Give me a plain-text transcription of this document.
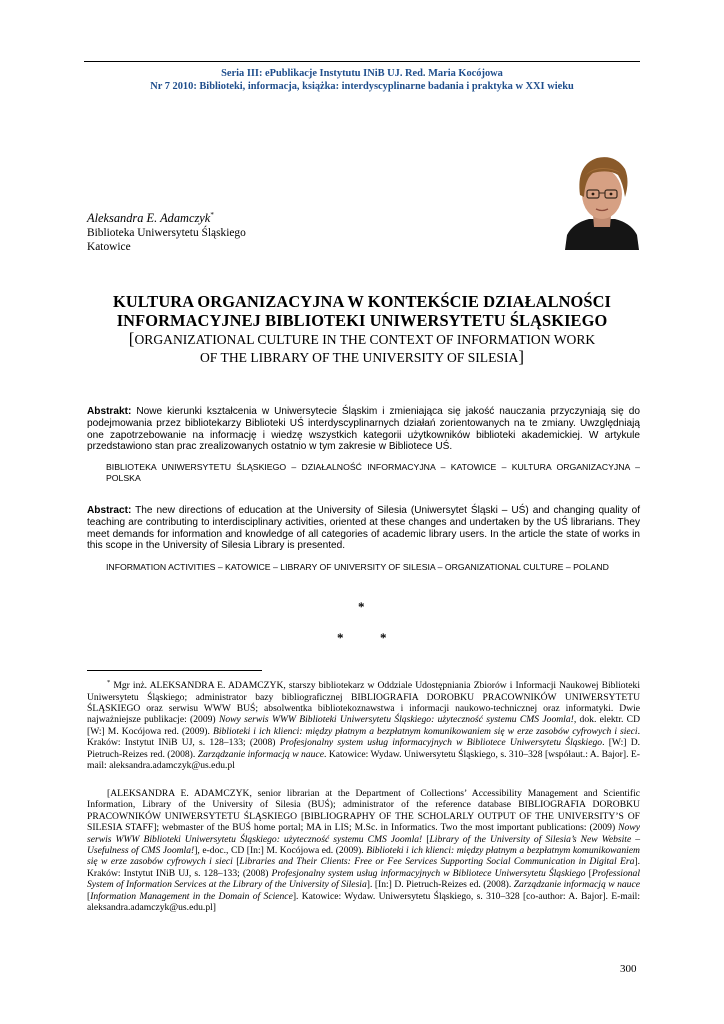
Seria III: ePublikacje Instytutu INiB UJ. Red. Maria Kocójowa
Nr 7 2010: Biblioteki, informacja, książka: interdyscyplinarne badania i praktyka w XXI wieku
Aleksandra E. Adamczyk*
Biblioteka Uniwersytetu Śląskiego
Katowice
KULTURA ORGANIZACYJNA W KONTEKŚCIE DZIAŁALNOŚCI
INFORMACYJNEJ BIBLIOTEKI UNIWERSYTETU ŚLĄSKIEGO
[ORGANIZATIONAL CULTURE IN THE CONTEXT OF INFORMATION WORK
OF THE LIBRARY OF THE UNIVERSITY OF SILESIA]
Abstrakt: Nowe kierunki kształcenia w Uniwersytecie Śląskim i zmieniająca się jakość nauczania przyczyniają się do podejmowania przez bibliotekarzy Biblioteki UŚ interdyscyplinarnych działań zorientowanych na te zmiany. Uwzględniają one zapotrzebowanie na informację i wiedzę wszystkich kategorii użytkowników biblioteki akademickiej. W artykule przedstawiono stan prac zrealizowanych ostatnio w tym zakresie w Bibliotece UŚ.
BIBLIOTEKA UNIWERSYTETU ŚLĄSKIEGO – DZIAŁALNOŚĆ INFORMACYJNA – KATOWICE – KULTURA ORGANIZACYJNA – POLSKA
Abstract: The new directions of education at the University of Silesia (Uniwersytet Śląski – UŚ) and changing quality of teaching are contributing to interdisciplinary activities, oriented at these changes and undertaken by the UŚ librarians. They meet demands for information and knowledge of all categories of academic library users. In the article the state of works in this scope in the University of Silesia Library is presented.
INFORMATION ACTIVITIES – KATOWICE – LIBRARY OF UNIVERSITY OF SILESIA – ORGANIZATIONAL CULTURE – POLAND
*
*	*
* Mgr inż. ALEKSANDRA E. ADAMCZYK, starszy bibliotekarz w Oddziale Udostępniania Zbiorów i Informacji Naukowej Biblioteki Uniwersytetu Śląskiego; administrator bazy bibliograficznej BIBLIOGRAFIA DOROBKU PRACOWNIKÓW UNIWERSYTETU ŚLĄSKIEGO oraz serwisu WWW BUŚ; absolwentka bibliotekoznawstwa i informacji naukowo-technicznej oraz informatyki. Dwie najważniejsze publikacje: (2009) Nowy serwis WWW Biblioteki Uniwersytetu Śląskiego: użyteczność systemu CMS Joomla!, dok. elektr. CD [W:] M. Kocójowa red. (2009). Biblioteki i ich klienci: między płatnym a bezpłatnym komunikowaniem się w erze zasobów cyfrowych i sieci. Kraków: Instytut INiB UJ, s. 128–133; (2008) Profesjonalny system usług informacyjnych w Bibliotece Uniwersytetu Śląskiego. [W:] D. Pietruch-Reizes red. (2008). Zarządzanie informacją w nauce. Katowice: Wydaw. Uniwersytetu Śląskiego, s. 310–328 [współaut.: A. Bajor]. E-mail: aleksandra.adamczyk@us.edu.pl
[ALEKSANDRA E. ADAMCZYK, senior librarian at the Department of Collections’ Accessibility Management and Scientific Information, Library of the University of Silesia (BUŚ); administrator of the reference database BIBLIOGRAFIA DOROBKU PRACOWNIKÓW UNIWERSYTETU ŚLĄSKIEGO [BIBLIOGRAPHY OF THE SCHOLARLY OUTPUT OF THE UNIVERSITY’S OF SILESIA STAFF]; webmaster of the BUŚ home portal; MA in LIS; M.Sc. in Informatics. Two the most important publications: (2009) Nowy serwis WWW Biblioteki Uniwersytetu Śląskiego: użyteczność systemu CMS Joomla! [Library of the University of Silesia’s New Website – Usefulness of CMS Joomla!], e-doc., CD [In:] M. Kocójowa ed. (2009). Biblioteki i ich klienci: między płatnym a bezpłatnym komunikowaniem się w erze zasobów cyfrowych i sieci [Libraries and Their Clients: Free or Fee Services Supporting Social Communication in Digital Era]. Kraków: Instytut INiB UJ, s. 128–133; (2008) Profesjonalny system usług informacyjnych w Bibliotece Uniwersytetu Śląskiego [Professional System of Information Services at the Library of the University of Silesia]. [In:] D. Pietruch-Reizes ed. (2008). Zarządzanie informacją w nauce [Information Management in the Domain of Science]. Katowice: Wydaw. Uniwersytetu Śląskiego, s. 310–328 [co-author: A. Bajor]. E-mail: aleksandra.adamczyk@us.edu.pl]
300
